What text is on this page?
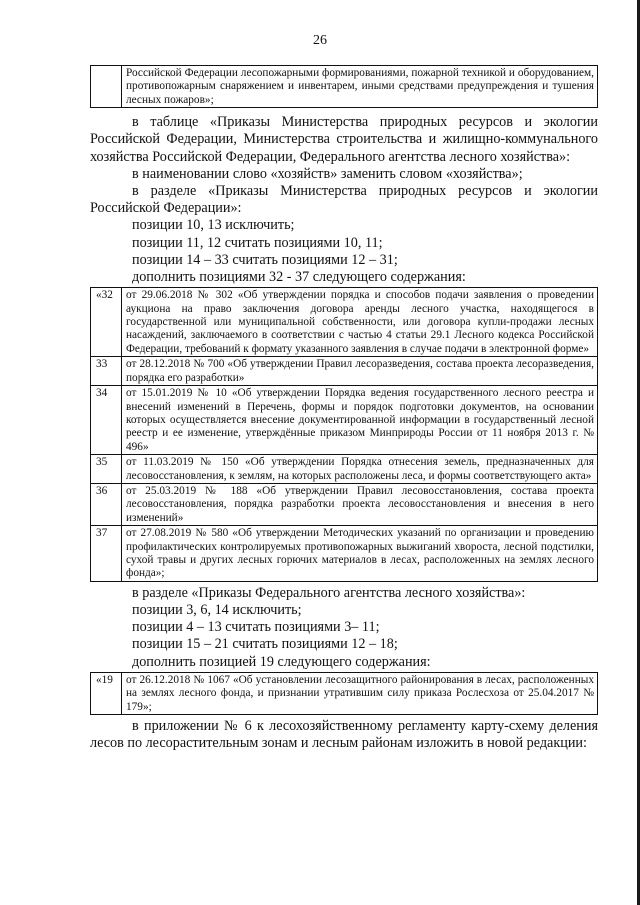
26
	Российской Федерации лесопожарными формированиями, пожарной техникой и оборудованием, противопожарным снаряжением и инвентарем, иными средствами предупреждения и тушения лесных пожаров»;

в таблице «Приказы Министерства природных ресурсов и экологии Российской Федерации, Министерства строительства и жилищно-коммунального хозяйства Российской Федерации, Федерального агентства лесного хозяйства»:

в наименовании слово «хозяйств» заменить словом «хозяйства»;

в разделе «Приказы Министерства природных ресурсов и экологии Российской Федерации»:

позиции 10, 13 исключить;

позиции 11, 12 считать позициями 10, 11;

позиции 14 – 33 считать позициями 12 – 31;

дополнить позициями 32 - 37 следующего содержания:

«32	от 29.06.2018 № 302 «Об утверждении порядка и способов подачи заявления о проведении аукциона на право заключения договора аренды лесного участка, находящегося в государственной или муниципальной собственности, или договора купли-продажи лесных насаждений, заключаемого в соответствии с частью 4 статьи 29.1 Лесного кодекса Российской Федерации, требований к формату указанного заявления в случае подачи в электронной форме»
33	от 28.12.2018 № 700 «Об утверждении Правил лесоразведения, состава проекта лесоразведения, порядка его разработки»
34	от 15.01.2019 № 10 «Об утверждении Порядка ведения государственного лесного реестра и внесений изменений в Перечень, формы и порядок подготовки документов, на основании которых осуществляется внесение документированной информации в государственный лесной реестр и ее изменение, утверждённые приказом Минприроды России от 11 ноября 2013 г. № 496»
35	от 11.03.2019 № 150 «Об утверждении Порядка отнесения земель, предназначенных для лесовосстановления, к землям, на которых расположены леса, и формы соответствующего акта»
36	от 25.03.2019 № 188 «Об утверждении Правил лесовосстановления, состава проекта лесовосстановления, порядка разработки проекта лесовосстановления и внесения в него изменений»
37	от 27.08.2019 № 580 «Об утверждении Методических указаний по организации и проведению профилактических контролируемых противопожарных выжиганий хвороста, лесной подстилки, сухой травы и других лесных горючих материалов в лесах, расположенных на землях лесного фонда»;

в разделе «Приказы Федерального агентства лесного хозяйства»:

позиции 3, 6, 14 исключить;

позиции 4 – 13 считать позициями 3– 11;

позиции 15 – 21 считать позициями 12 – 18;

дополнить позицией 19 следующего содержания:

«19	от 26.12.2018 № 1067 «Об установлении лесозащитного районирования в лесах, расположенных на землях лесного фонда, и признании утратившим силу приказа Рослесхоза от 25.04.2017 № 179»;

в приложении № 6 к лесохозяйственному регламенту карту-схему деления лесов по лесорастительным зонам и лесным районам изложить в новой редакции:
